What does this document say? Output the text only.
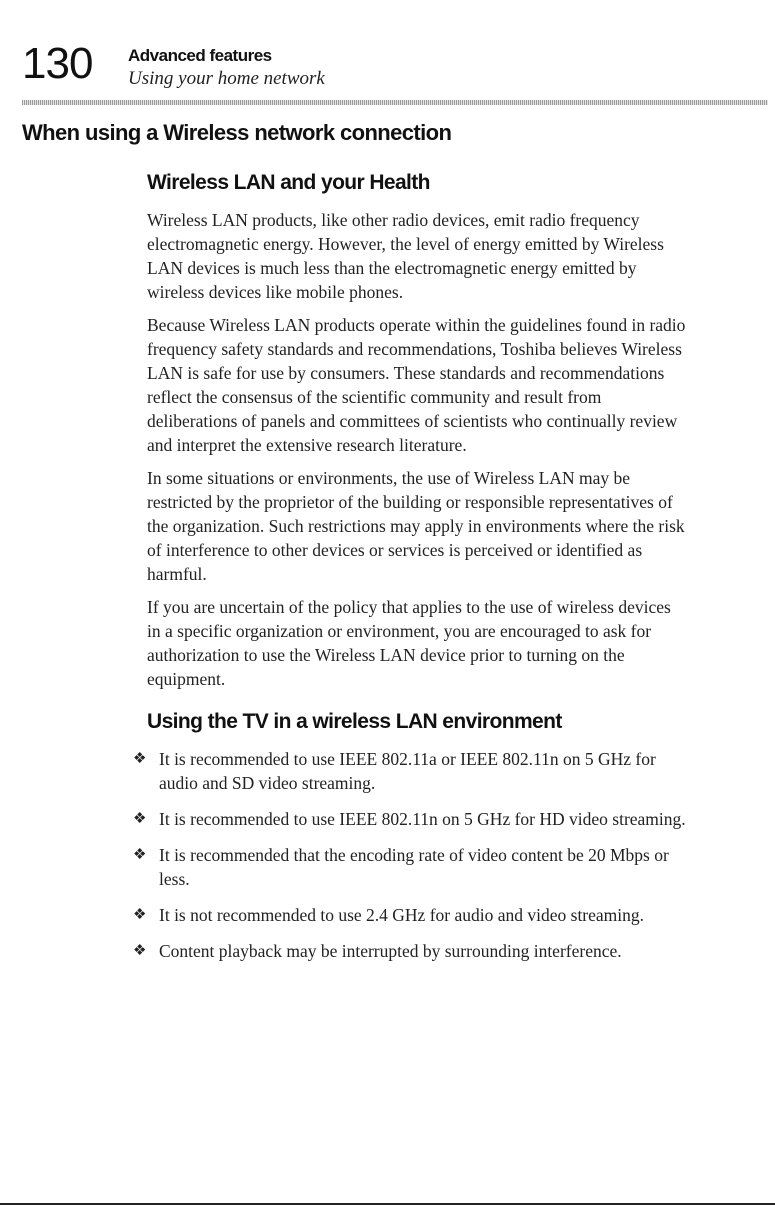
130 Advanced features
Using your home network
When using a Wireless network connection
Wireless LAN and your Health

Wireless LAN products, like other radio devices, emit radio frequency electromagnetic energy. However, the level of energy emitted by Wireless LAN devices is much less than the electromagnetic energy emitted by wireless devices like mobile phones.

Because Wireless LAN products operate within the guidelines found in radio frequency safety standards and recommendations, Toshiba believes Wireless LAN is safe for use by consumers. These standards and recommendations reflect the consensus of the scientific community and result from deliberations of panels and committees of scientists who continually review and interpret the extensive research literature.

In some situations or environments, the use of Wireless LAN may be restricted by the proprietor of the building or responsible representatives of the organization. Such restrictions may apply in environments where the risk of interference to other devices or services is perceived or identified as harmful.

If you are uncertain of the policy that applies to the use of wireless devices in a specific organization or environment, you are encouraged to ask for authorization to use the Wireless LAN device prior to turning on the equipment.

Using the TV in a wireless LAN environment
❖ It is recommended to use IEEE 802.11a or IEEE 802.11n on 5 GHz for audio and SD video streaming.
❖ It is recommended to use IEEE 802.11n on 5 GHz for HD video streaming.
❖ It is recommended that the encoding rate of video content be 20 Mbps or less.
❖ It is not recommended to use 2.4 GHz for audio and video streaming.
❖ Content playback may be interrupted by surrounding interference.
